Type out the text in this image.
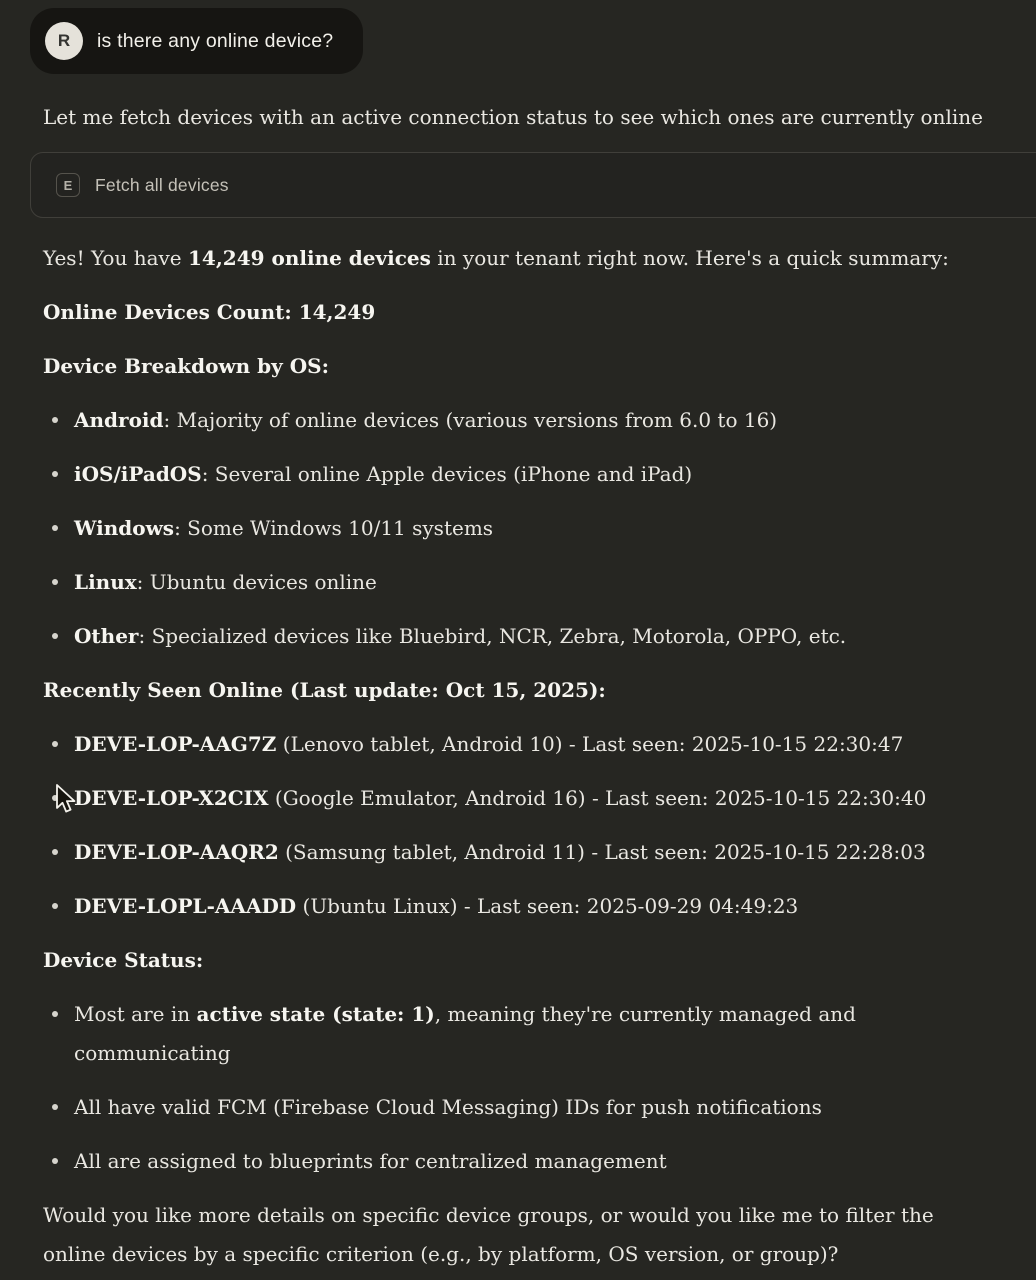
R is there any online device?

Let me fetch devices with an active connection status to see which ones are currently online

E	Fetch all devices

Yes! You have 14,249 online devices in your tenant right now. Here's a quick summary:

Online Devices Count: 14,249

Device Breakdown by OS:

Android: Majority of online devices (various versions from 6.0 to 16)
iOS/iPadOS: Several online Apple devices (iPhone and iPad)
Windows: Some Windows 10/11 systems
Linux: Ubuntu devices online
Other: Specialized devices like Bluebird, NCR, Zebra, Motorola, OPPO, etc.

Recently Seen Online (Last update: Oct 15, 2025):

DEVE-LOP-AAG7Z (Lenovo tablet, Android 10) - Last seen: 2025-10-15 22:30:47
DEVE-LOP-X2CIX (Google Emulator, Android 16) - Last seen: 2025-10-15 22:30:40
DEVE-LOP-AAQR2 (Samsung tablet, Android 11) - Last seen: 2025-10-15 22:28:03
DEVE-LOPL-AAADD (Ubuntu Linux) - Last seen: 2025-09-29 04:49:23

Device Status:

Most are in active state (state: 1), meaning they're currently managed and communicating
All have valid FCM (Firebase Cloud Messaging) IDs for push notifications
All are assigned to blueprints for centralized management

Would you like more details on specific device groups, or would you like me to filter the online devices by a specific criterion (e.g., by platform, OS version, or group)?
